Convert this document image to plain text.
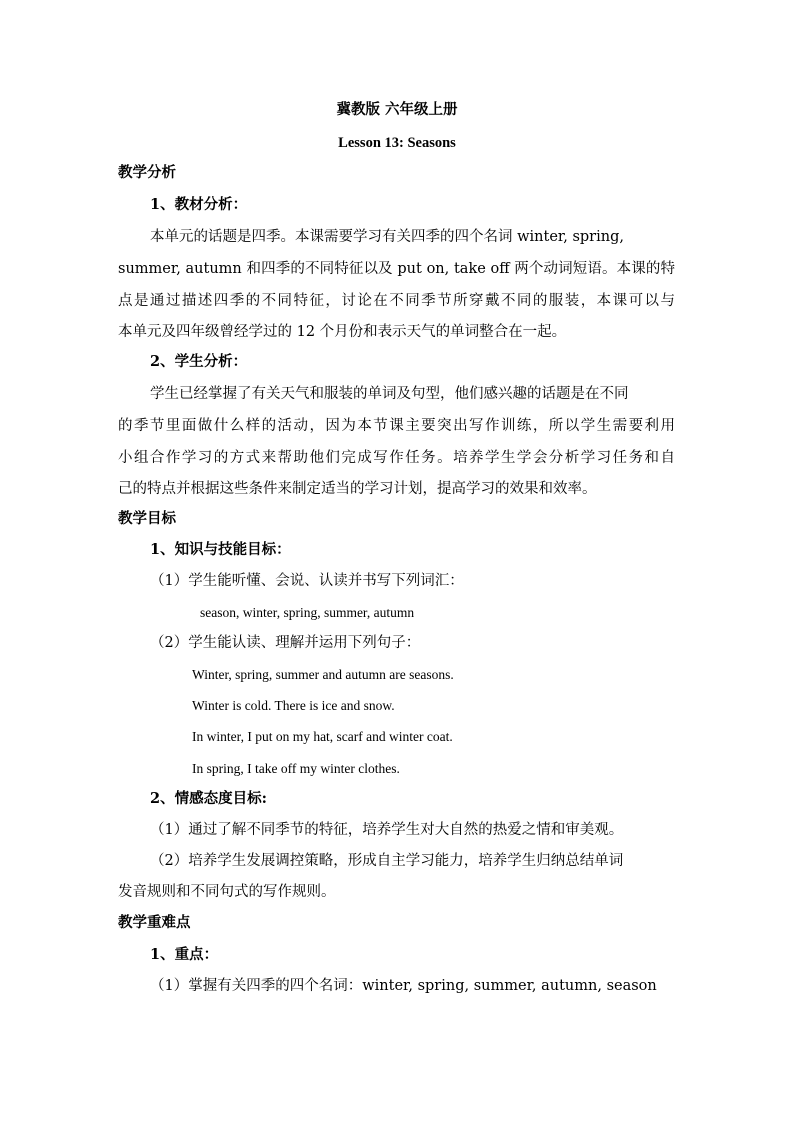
冀教版 六年级上册
Lesson 13: Seasons
教学分析
1、教材分析：
本单元的话题是四季。本课需要学习有关四季的四个名词 winter, spring,
summer, autumn 和四季的不同特征以及 put on, take off 两个动词短语。本课的特
点是通过描述四季的不同特征，讨论在不同季节所穿戴不同的服装，本课可以与
本单元及四年级曾经学过的 12 个月份和表示天气的单词整合在一起。
2、学生分析：
学生已经掌握了有关天气和服装的单词及句型，他们感兴趣的话题是在不同
的季节里面做什么样的活动，因为本节课主要突出写作训练，所以学生需要利用
小组合作学习的方式来帮助他们完成写作任务。培养学生学会分析学习任务和自
己的特点并根据这些条件来制定适当的学习计划，提高学习的效果和效率。
教学目标
1、知识与技能目标：
（1）学生能听懂、会说、认读并书写下列词汇：
season, winter, spring, summer, autumn
（2）学生能认读、理解并运用下列句子：
Winter, spring, summer and autumn are seasons.
Winter is cold. There is ice and snow.
In winter, I put on my hat, scarf and winter coat.
In spring, I take off my winter clothes.
2、情感态度目标:
（1）通过了解不同季节的特征，培养学生对大自然的热爱之情和审美观。
（2）培养学生发展调控策略，形成自主学习能力，培养学生归纳总结单词
发音规则和不同句式的写作规则。
教学重难点
1、重点：
（1）掌握有关四季的四个名词：winter, spring, summer, autumn, season
